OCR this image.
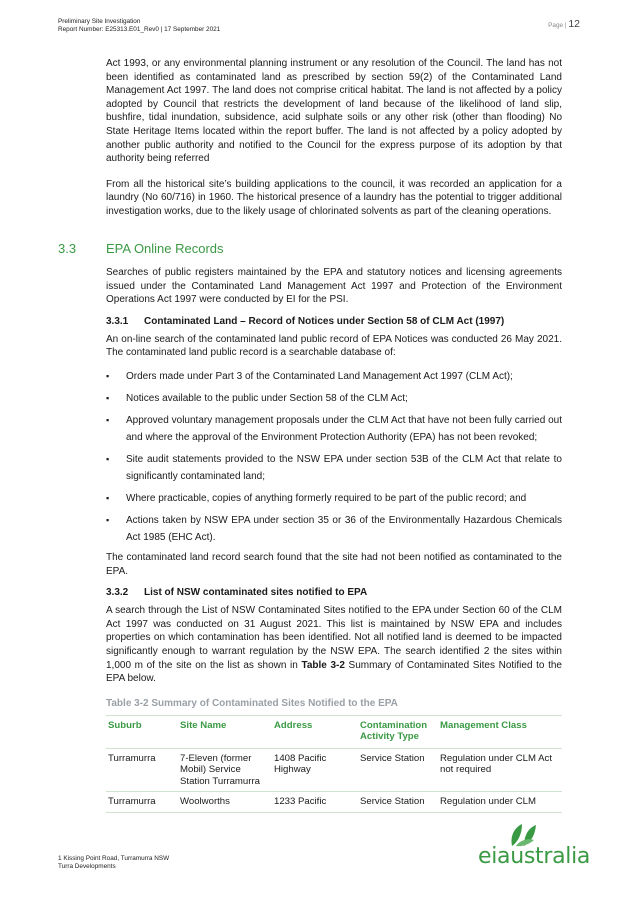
Preliminary Site Investigation
Report Number: E25313.E01_Rev0 | 17 September 2021
Page | 12

Act 1993, or any environmental planning instrument or any resolution of the Council. The land has not been identified as contaminated land as prescribed by section 59(2) of the Contaminated Land Management Act 1997. The land does not comprise critical habitat. The land is not affected by a policy adopted by Council that restricts the development of land because of the likelihood of land slip, bushfire, tidal inundation, subsidence, acid sulphate soils or any other risk (other than flooding) No State Heritage Items located within the report buffer. The land is not affected by a policy adopted by another public authority and notified to the Council for the express purpose of its adoption by that authority being referred

From all the historical site’s building applications to the council, it was recorded an application for a laundry (No 60/716) in 1960. The historical presence of a laundry has the potential to trigger additional investigation works, due to the likely usage of chlorinated solvents as part of the cleaning operations.

3.3 EPA Online Records

Searches of public registers maintained by the EPA and statutory notices and licensing agreements issued under the Contaminated Land Management Act 1997 and Protection of the Environment Operations Act 1997 were conducted by EI for the PSI.

3.3.1 Contaminated Land – Record of Notices under Section 58 of CLM Act (1997)

An on-line search of the contaminated land public record of EPA Notices was conducted 26 May 2021. The contaminated land public record is a searchable database of:

▪ Orders made under Part 3 of the Contaminated Land Management Act 1997 (CLM Act);
▪ Notices available to the public under Section 58 of the CLM Act;
▪ Approved voluntary management proposals under the CLM Act that have not been fully carried out and where the approval of the Environment Protection Authority (EPA) has not been revoked;
▪ Site audit statements provided to the NSW EPA under section 53B of the CLM Act that relate to significantly contaminated land;
▪ Where practicable, copies of anything formerly required to be part of the public record; and
▪ Actions taken by NSW EPA under section 35 or 36 of the Environmentally Hazardous Chemicals Act 1985 (EHC Act).

The contaminated land record search found that the site had not been notified as contaminated to the EPA.

3.3.2 List of NSW contaminated sites notified to EPA

A search through the List of NSW Contaminated Sites notified to the EPA under Section 60 of the CLM Act 1997 was conducted on 31 August 2021. This list is maintained by NSW EPA and includes properties on which contamination has been identified. Not all notified land is deemed to be impacted significantly enough to warrant regulation by the NSW EPA. The search identified 2 the sites within 1,000 m of the site on the list as shown in Table 3-2 Summary of Contaminated Sites Notified to the EPA below.

Table 3-2 Summary of Contaminated Sites Notified to the EPA
Suburb	Site Name	Address	Contamination Activity Type	Management Class
Turramurra	7-Eleven (former Mobil) Service Station Turramurra	1408 Pacific Highway	Service Station	Regulation under CLM Act not required
Turramurra	Woolworths	1233 Pacific	Service Station	Regulation under CLM
1 Kissing Point Road, Turramurra NSW
Turra Developments	eiaustralia
